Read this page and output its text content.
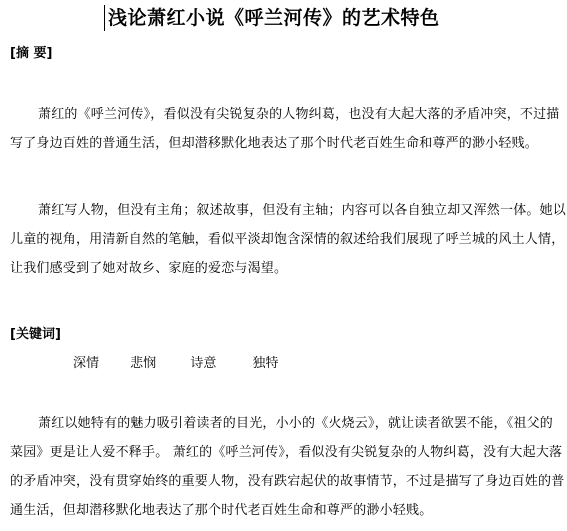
浅论萧红小说《呼兰河传》的艺术特色
[摘 要]

萧红的《呼兰河传》，看似没有尖锐复杂的人物纠葛，也没有大起大落的矛盾冲突，不过描写了身边百姓的普通生活，但却潜移默化地表达了那个时代老百姓生命和尊严的渺小轻贱。

萧红写人物，但没有主角；叙述故事，但没有主轴；内容可以各自独立却又浑然一体。她以儿童的视角，用清新自然的笔触，看似平淡却饱含深情的叙述给我们展现了呼兰城的风土人情，让我们感受到了她对故乡、家庭的爱恋与渴望。

[关键词]
深情 悲悯	诗意	独特

萧红以她特有的魅力吸引着读者的目光，小小的《火烧云》，就让读者欲罢不能，《祖父的菜园》更是让人爱不释手。 萧红的《呼兰河传》，看似没有尖锐复杂的人物纠葛，没有大起大落的矛盾冲突，没有贯穿始终的重要人物，没有跌宕起伏的故事情节，不过是描写了身边百姓的普通生活，但却潜移默化地表达了那个时代老百姓生命和尊严的渺小轻贱。
